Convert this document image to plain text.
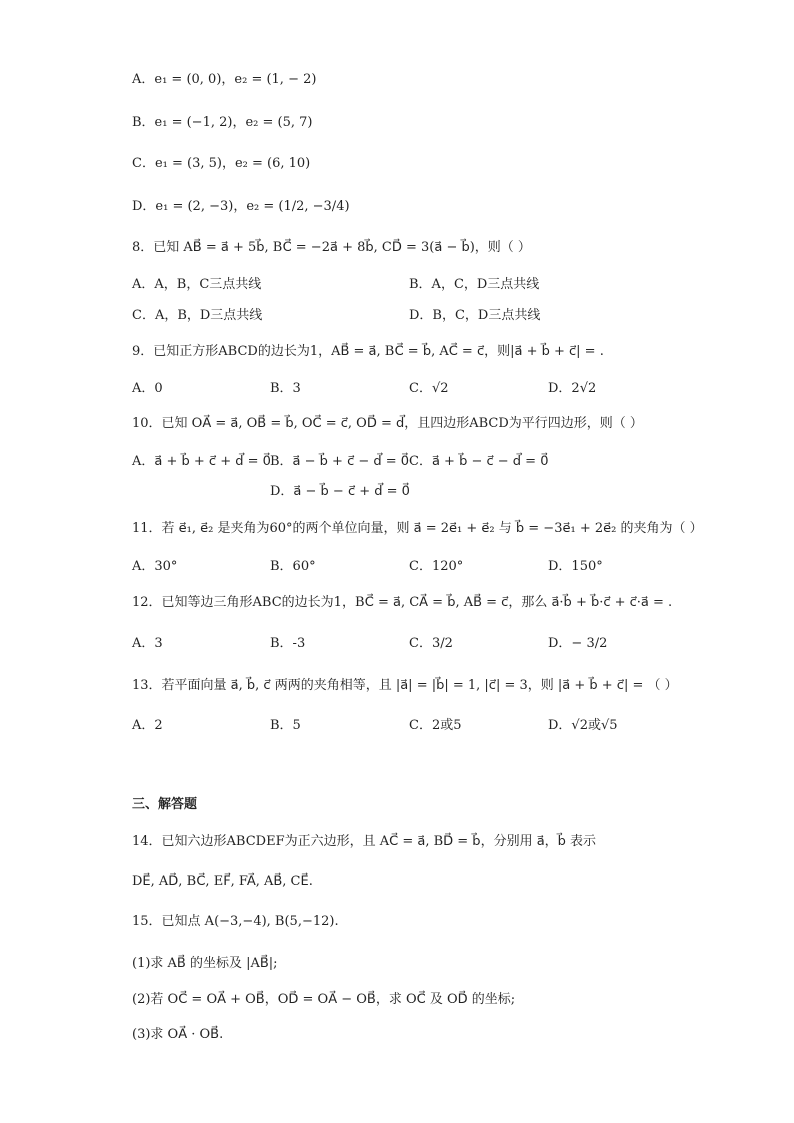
A．e₁ = (0, 0)，e₂ = (1, − 2)
B．e₁ = (−1, 2)，e₂ = (5, 7)
C．e₁ = (3, 5)，e₂ = (6, 10)
D．e₁ = (2, −3)，e₂ = (1/2, −3/4)
8．已知 AB⃗ = a⃗ + 5b⃗, BC⃗ = −2a⃗ + 8b⃗, CD⃗ = 3(a⃗ − b⃗)，则（ ）
A．A，B，C三点共线	B．A，C，D三点共线
C．A，B，D三点共线	D．B，C，D三点共线
9．已知正方形ABCD的边长为1，AB⃗ = a⃗, BC⃗ = b⃗, AC⃗ = c⃗，则|a⃗ + b⃗ + c⃗| = .
A．0	B．3	C．√2	D．2√2
10．已知 OA⃗ = a⃗, OB⃗ = b⃗, OC⃗ = c⃗, OD⃗ = d⃗，且四边形ABCD为平行四边形，则（ ）
A．a⃗ + b⃗ + c⃗ + d⃗ = 0⃗ B．a⃗ − b⃗ + c⃗ − d⃗ = 0⃗ C．a⃗ + b⃗ − c⃗ − d⃗ = 0⃗
D．a⃗ − b⃗ − c⃗ + d⃗ = 0⃗
11．若 e⃗₁, e⃗₂ 是夹角为60°的两个单位向量，则 a⃗ = 2e⃗₁ + e⃗₂ 与 b⃗ = −3e⃗₁ + 2e⃗₂ 的夹角为（ ）
A．30°	B．60°	C．120°	D．150°
12．已知等边三角形ABC的边长为1，BC⃗ = a⃗, CA⃗ = b⃗, AB⃗ = c⃗，那么 a⃗·b⃗ + b⃗·c⃗ + c⃗·a⃗ = .
A．3	B．-3	C．3/2	D．− 3/2
13．若平面向量 a⃗, b⃗, c⃗ 两两的夹角相等，且 |a⃗| = |b⃗| = 1, |c⃗| = 3，则 |a⃗ + b⃗ + c⃗| = （ ）
A．2	B．5	C．2或5	D．√2或√5
三、解答题
14．已知六边形ABCDEF为正六边形，且 AC⃗ = a⃗, BD⃗ = b⃗，分别用 a⃗，b⃗ 表示
DE⃗, AD⃗, BC⃗, EF⃗, FA⃗, AB⃗, CE⃗.
15．已知点 A(−3,−4), B(5,−12).
(1)求 AB⃗ 的坐标及 |AB⃗|;
(2)若 OC⃗ = OA⃗ + OB⃗，OD⃗ = OA⃗ − OB⃗，求 OC⃗ 及 OD⃗ 的坐标;
(3)求 OA⃗ · OB⃗.
